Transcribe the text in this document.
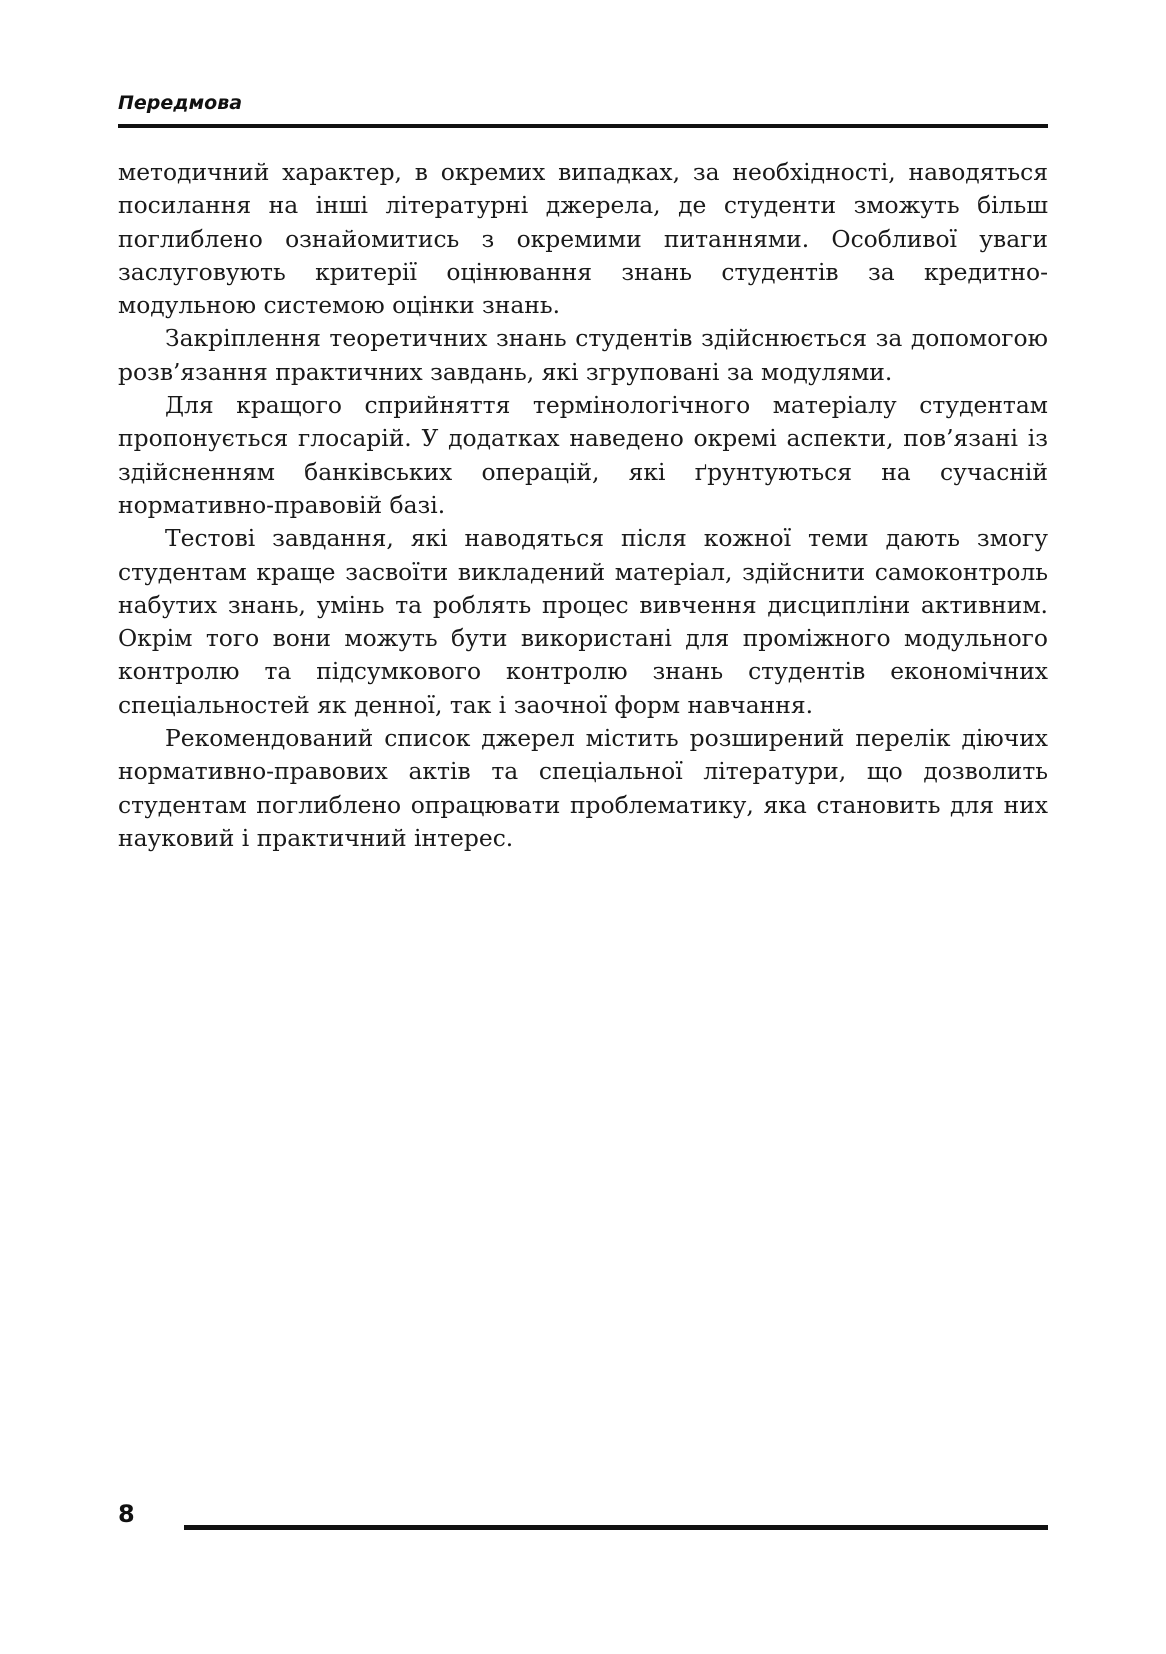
Передмова

методичний характер, в окремих випадках, за необхідності, наводяться посилання на інші літературні джерела, де студенти зможуть більш поглиблено ознайомитись з окремими питаннями. Особливої уваги заслуговують критерії оцінювання знань студентів за кредитно-модульною системою оцінки знань.

Закріплення теоретичних знань студентів здійснюється за допомогою розв’язання практичних завдань, які згруповані за модулями.

Для кращого сприйняття термінологічного матеріалу студентам пропонується глосарій. У додатках наведено окремі аспекти, пов’язані із здійсненням банківських операцій, які ґрунтуються на сучасній нормативно-правовій базі.

Тестові завдання, які наводяться після кожної теми дають змогу студентам краще засвоїти викладений матеріал, здійснити самоконтроль набутих знань, умінь та роблять процес вивчення дисципліни активним. Окрім того вони можуть бути використані для проміжного модульного контролю та підсумкового контролю знань студентів економічних спеціальностей як денної, так і заочної форм навчання.

Рекомендований список джерел містить розширений перелік діючих нормативно-правових актів та спеціальної літератури, що дозволить студентам поглиблено опрацювати проблематику, яка становить для них науковий і практичний інтерес.

8
